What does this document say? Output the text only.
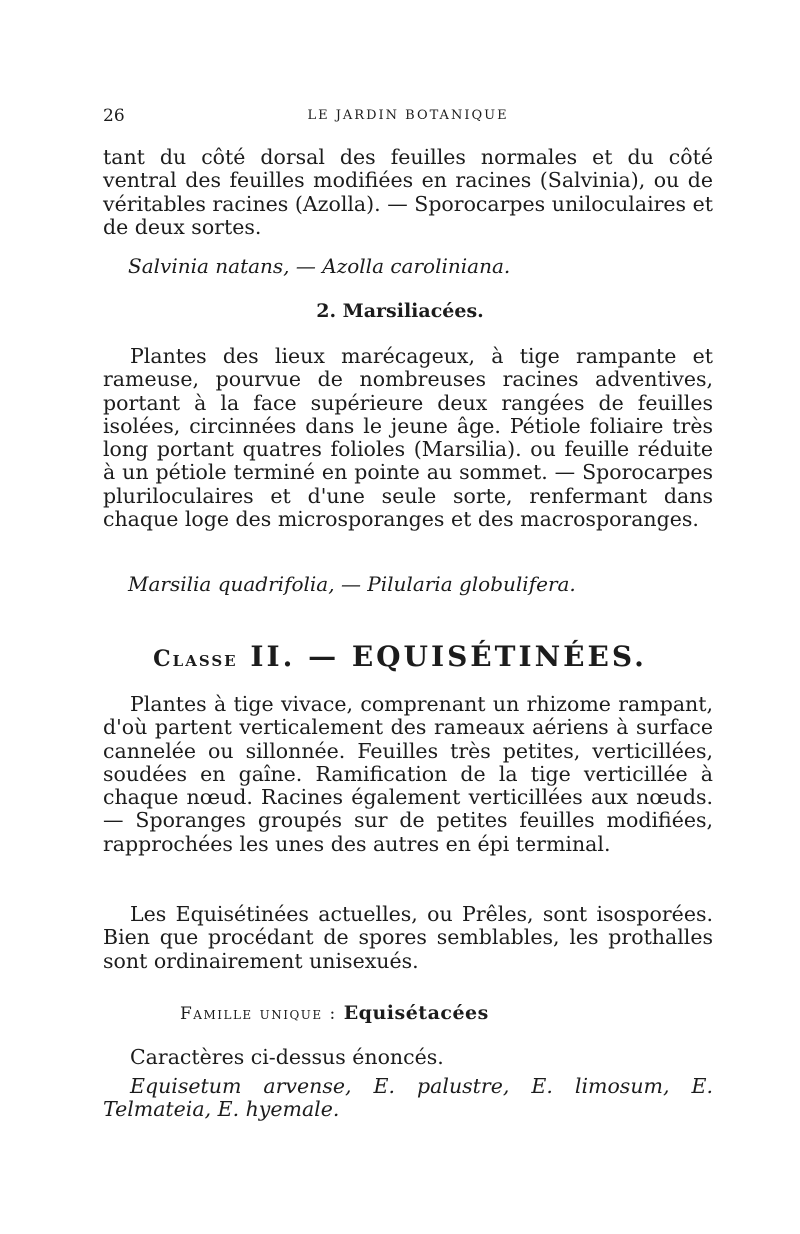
26	LE JARDIN BOTANIQUE

tant du côté dorsal des feuilles normales et du côté ventral des feuilles modifiées en racines (Salvinia), ou de véritables racines (Azolla). — Sporocarpes uniloculaires et de deux sortes.

Salvinia natans, — Azolla caroliniana.

2. Marsiliacées.

Plantes des lieux marécageux, à tige rampante et rameuse, pourvue de nombreuses racines adventives, portant à la face supérieure deux rangées de feuilles isolées, circinnées dans le jeune âge. Pétiole foliaire très long portant quatres folioles (Marsilia). ou feuille réduite à un pétiole terminé en pointe au sommet. — Sporocarpes pluriloculaires et d'une seule sorte, renfermant dans chaque loge des microsporanges et des macrosporanges.

Marsilia quadrifolia, — Pilularia globulifera.

Classe II. — EQUISÉTINÉES.

Plantes à tige vivace, comprenant un rhizome rampant, d'où partent verticalement des rameaux aériens à surface cannelée ou sillonnée. Feuilles très petites, verticillées, soudées en gaîne. Ramification de la tige verticillée à chaque nœud. Racines également verticillées aux nœuds. — Sporanges groupés sur de petites feuilles modifiées, rapprochées les unes des autres en épi terminal.

Les Equisétinées actuelles, ou Prêles, sont isosporées. Bien que procédant de spores semblables, les prothalles sont ordinairement unisexués.

Famille unique : Equisétacées

Caractères ci-dessus énoncés.

Equisetum arvense, E. palustre, E. limosum, E. Telmateia, E. hyemale.
